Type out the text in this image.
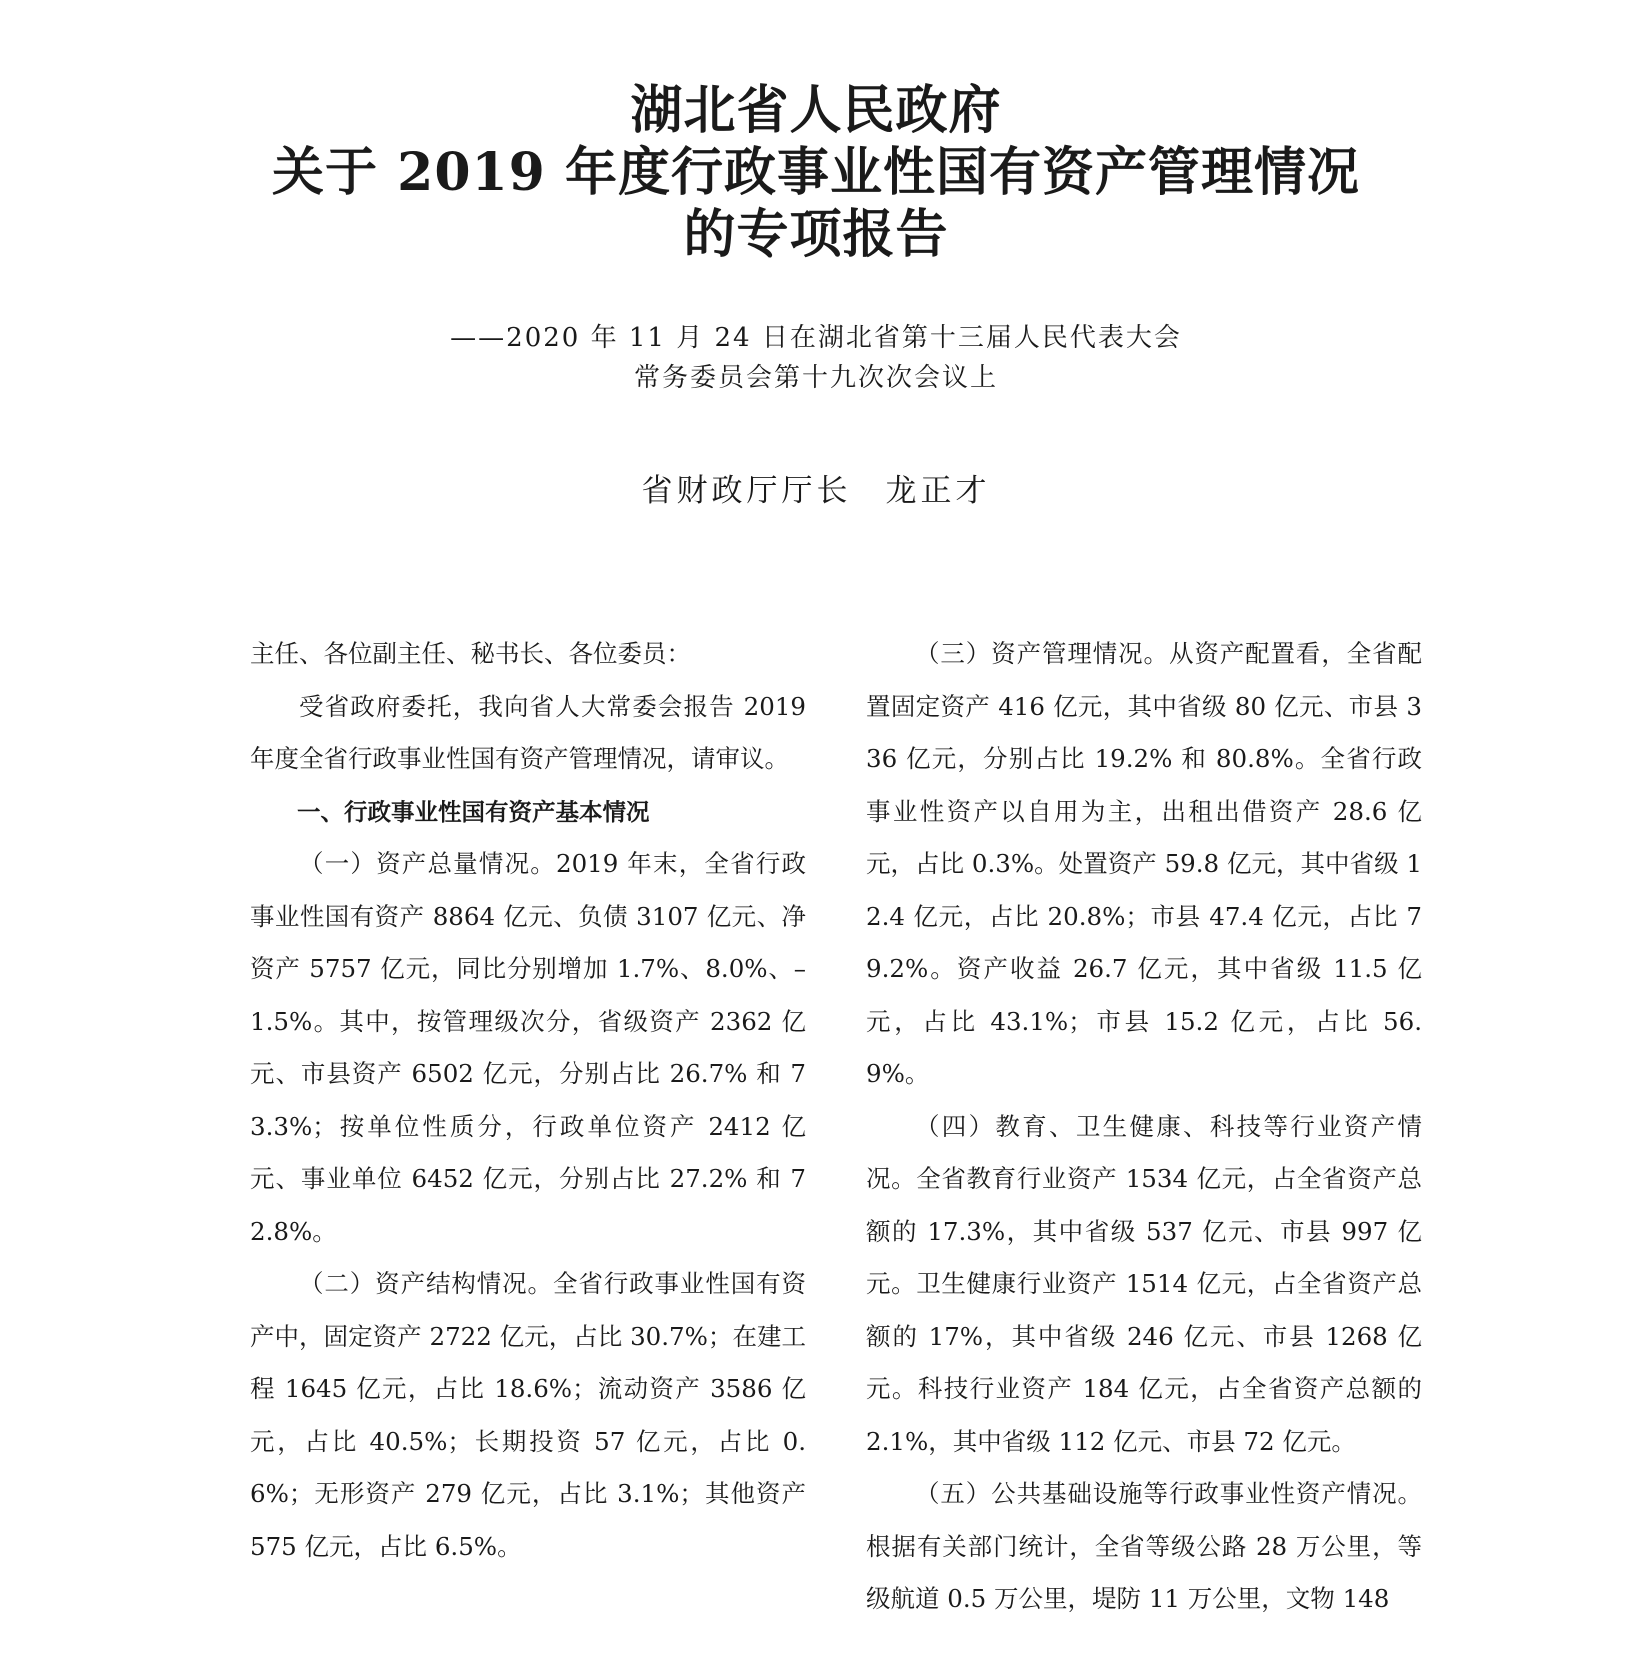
湖北省人民政府
关于 2019 年度行政事业性国有资产管理情况
的专项报告
——2020 年 11 月 24 日在湖北省第十三届人民代表大会
常务委员会第十九次次会议上
省财政厅厅长 龙正才

主任、各位副主任、秘书长、各位委员：

受省政府委托，我向省人大常委会报告 2019 年度全省行政事业性国有资产管理情况，请审议。

一、行政事业性国有资产基本情况

（一）资产总量情况。2019 年末，全省行政事业性国有资产 8864 亿元、负债 3107 亿元、净资产 5757 亿元，同比分别增加 1.7%、8.0%、–1.5%。其中，按管理级次分，省级资产 2362 亿元、市县资产 6502 亿元，分别占比 26.7% 和 73.3%；按单位性质分，行政单位资产 2412 亿元、事业单位 6452 亿元，分别占比 27.2% 和 72.8%。

（二）资产结构情况。全省行政事业性国有资产中，固定资产 2722 亿元，占比 30.7%；在建工程 1645 亿元，占比 18.6%；流动资产 3586 亿元，占比 40.5%；长期投资 57 亿元，占比 0.6%；无形资产 279 亿元，占比 3.1%；其他资产 575 亿元，占比 6.5%。

（三）资产管理情况。从资产配置看，全省配置固定资产 416 亿元，其中省级 80 亿元、市县 336 亿元，分别占比 19.2% 和 80.8%。全省行政事业性资产以自用为主，出租出借资产 28.6 亿元，占比 0.3%。处置资产 59.8 亿元，其中省级 12.4 亿元，占比 20.8%；市县 47.4 亿元，占比 79.2%。资产收益 26.7 亿元，其中省级 11.5 亿元，占比 43.1%；市县 15.2 亿元，占比 56.9%。

（四）教育、卫生健康、科技等行业资产情况。全省教育行业资产 1534 亿元，占全省资产总额的 17.3%，其中省级 537 亿元、市县 997 亿元。卫生健康行业资产 1514 亿元，占全省资产总额的 17%，其中省级 246 亿元、市县 1268 亿元。科技行业资产 184 亿元，占全省资产总额的 2.1%，其中省级 112 亿元、市县 72 亿元。

（五）公共基础设施等行政事业性资产情况。根据有关部门统计，全省等级公路 28 万公里，等级航道 0.5 万公里，堤防 11 万公里，文物 148
